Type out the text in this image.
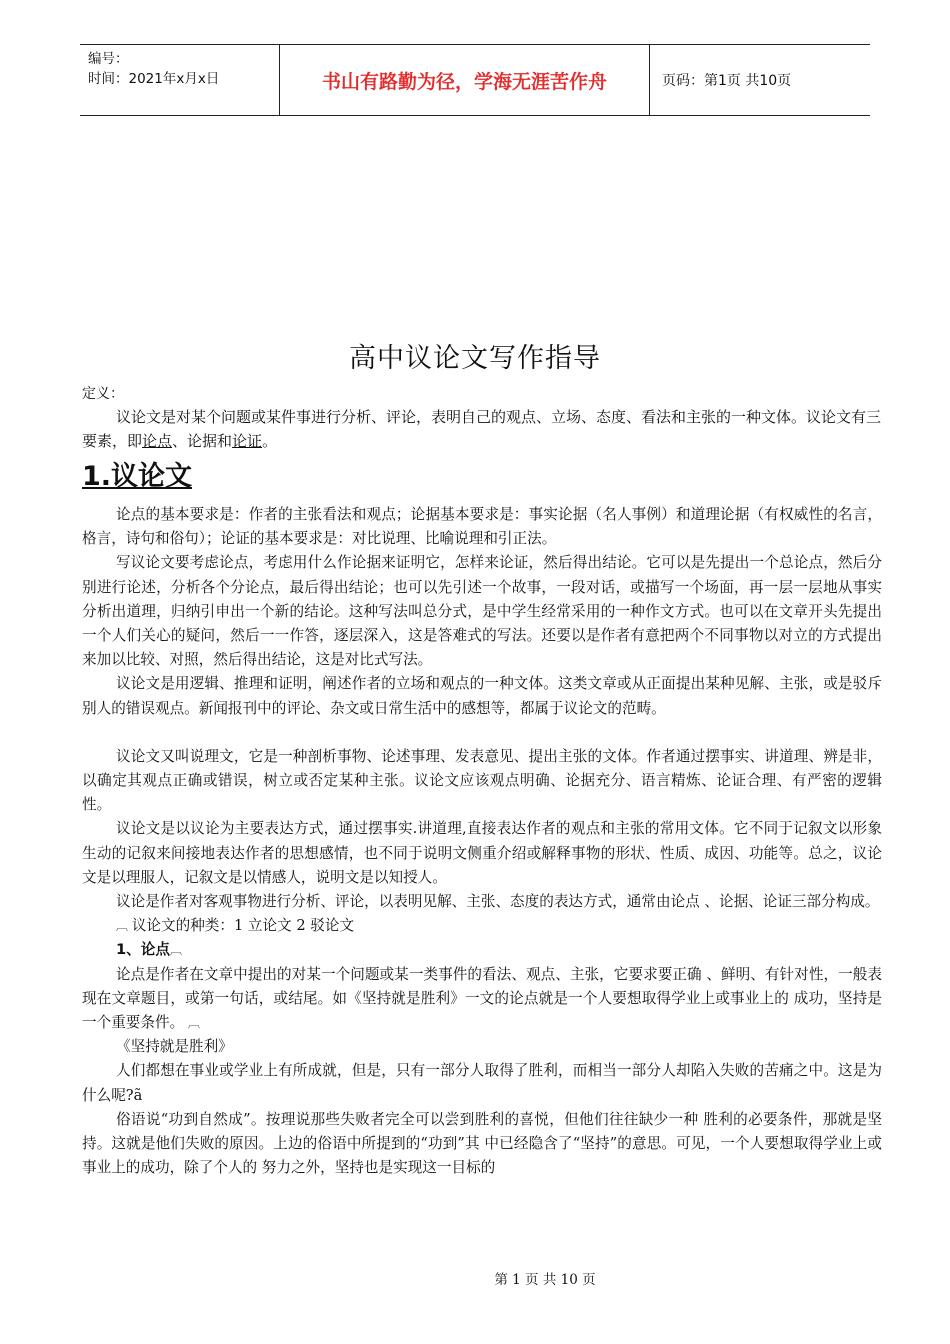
编号：
时间：2021年x月x日	书山有路勤为径，学海无涯苦作舟	页码：第1页 共10页
高中议论文写作指导
定义：

议论文是对某个问题或某件事进行分析、评论，表明自己的观点、立场、态度、看法和主张的一种文体。议论文有三要素，即论点、论据和论证。

1.议论文

论点的基本要求是：作者的主张看法和观点；论据基本要求是：事实论据（名人事例）和道理论据（有权威性的名言，格言，诗句和俗句）；论证的基本要求是：对比说理、比喻说理和引正法。

写议论文要考虑论点，考虑用什么作论据来证明它，怎样来论证，然后得出结论。它可以是先提出一个总论点，然后分别进行论述，分析各个分论点，最后得出结论；也可以先引述一个故事，一段对话，或描写一个场面，再一层一层地从事实分析出道理，归纳引申出一个新的结论。这种写法叫总分式，是中学生经常采用的一种作文方式。也可以在文章开头先提出一个人们关心的疑问，然后一一作答，逐层深入，这是答难式的写法。还要以是作者有意把两个不同事物以对立的方式提出来加以比较、对照，然后得出结论，这是对比式写法。

议论文是用逻辑、推理和证明，阐述作者的立场和观点的一种文体。这类文章或从正面提出某种见解、主张，或是驳斥别人的错误观点。新闻报刊中的评论、杂文或日常生活中的感想等，都属于议论文的范畴。

议论文又叫说理文，它是一种剖析事物、论述事理、发表意见、提出主张的文体。作者通过摆事实、讲道理、辨是非，以确定其观点正确或错误，树立或否定某种主张。议论文应该观点明确、论据充分、语言精炼、论证合理、有严密的逻辑性。

议论文是以议论为主要表达方式，通过摆事实.讲道理,直接表达作者的观点和主张的常用文体。它不同于记叙文以形象生动的记叙来间接地表达作者的思想感情，也不同于说明文侧重介绍或解释事物的形状、性质、成因、功能等。总之，议论文是以理服人，记叙文是以情感人，说明文是以知授人。

议论是作者对客观事物进行分析、评论，以表明见解、主张、态度的表达方式，通常由论点 、论据、论证三部分构成。

︹ 议论文的种类：1 立论文 2 驳论文

1、论点︹

论点是作者在文章中提出的对某一个问题或某一类事件的看法、观点、主张，它要求要正确 、鲜明、有针对性，一般表现在文章题目，或第一句话，或结尾。如《坚持就是胜利》一文的论点就是一个人要想取得学业上或事业上的 成功，坚持是一个重要条件。 ︹

《坚持就是胜利》

人们都想在事业或学业上有所成就，但是，只有一部分人取得了胜利，而相当一部分人却陷入失败的苦痛之中。这是为什么呢?ã

俗语说“功到自然成”。按理说那些失败者完全可以尝到胜利的喜悦，但他们往往缺少一种 胜利的必要条件，那就是坚持。这就是他们失败的原因。上边的俗语中所提到的“功到”其 中已经隐含了“坚持”的意思。可见，一个人要想取得学业上或事业上的成功，除了个人的 努力之外，坚持也是实现这一目标的

第 1 页 共 10 页
